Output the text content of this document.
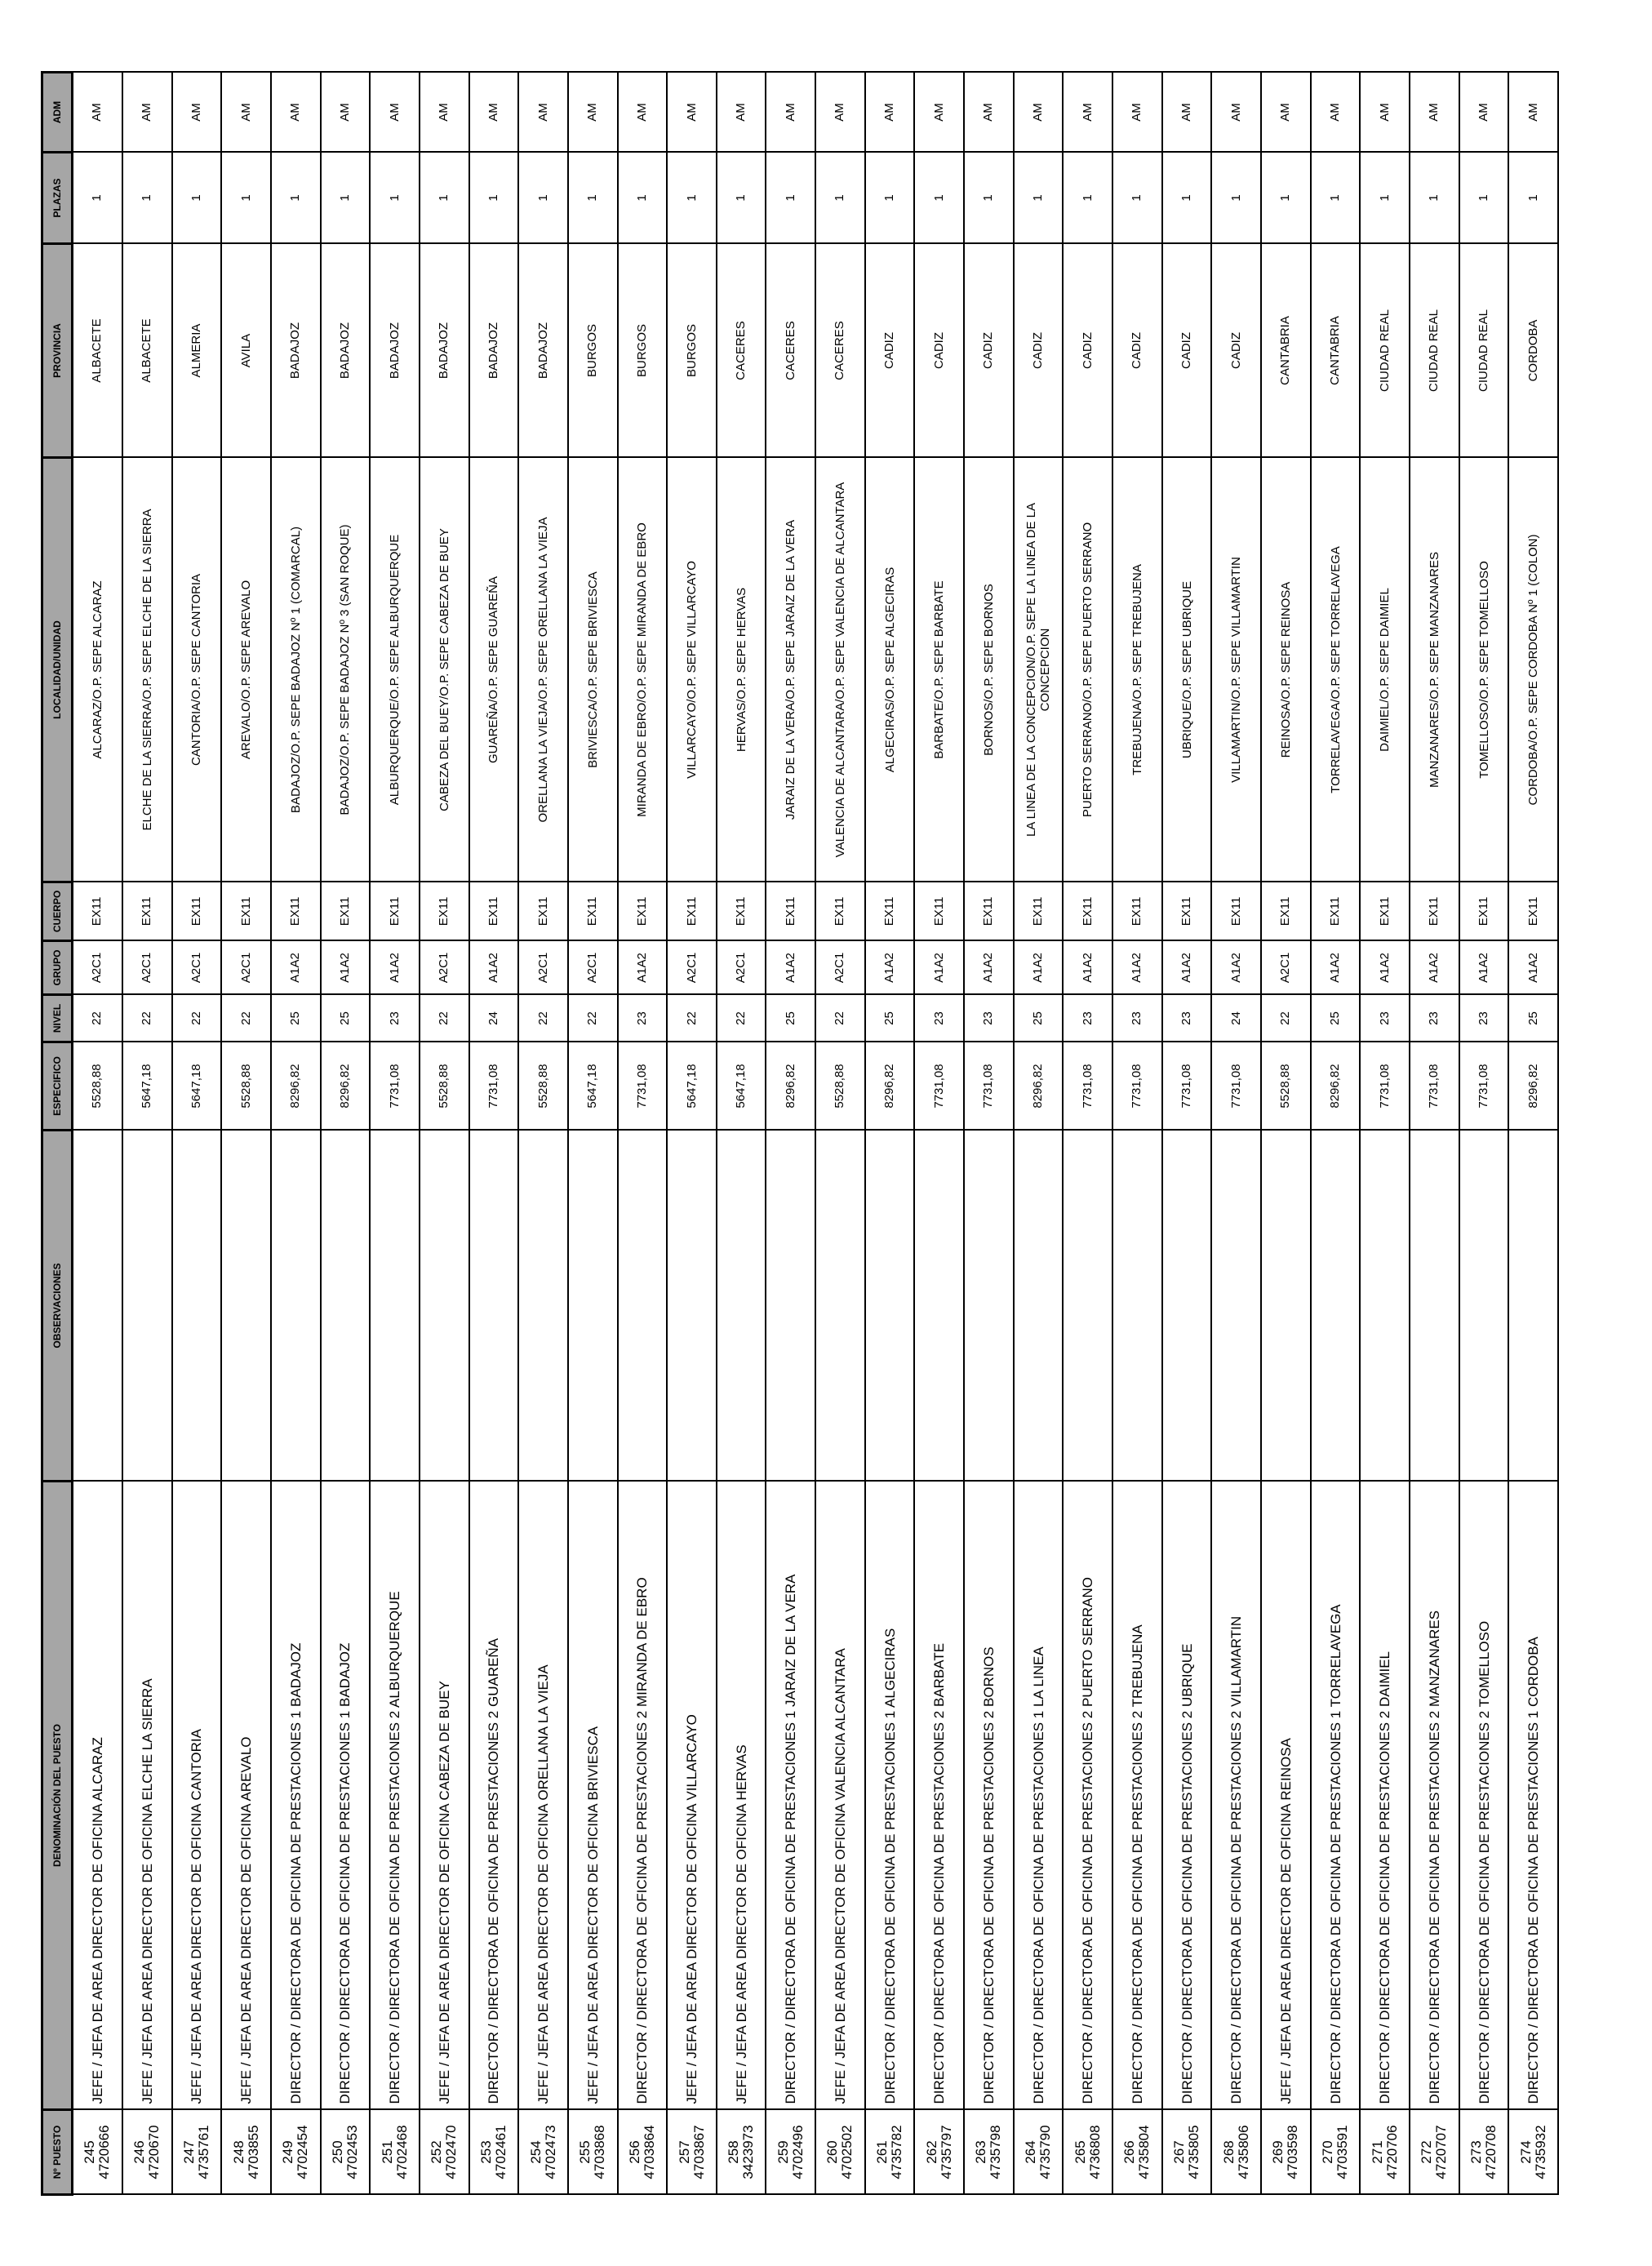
Nº PUESTO	DENOMINACIÓN DEL PUESTO	OBSERVACIONES	ESPECIFICO	NIVEL	GRUPO	CUERPO	LOCALIDAD/UNIDAD	PROVINCIA	PLAZAS	ADM

245 4720666	JEFE / JEFA DE AREA DIRECTOR DE OFICINA ALCARAZ		5528,88	22	A2C1	EX11	ALCARAZ/O.P. SEPE ALCARAZ	ALBACETE	1	AM

246 4720670	JEFE / JEFA DE AREA DIRECTOR DE OFICINA ELCHE LA SIERRA		5647,18	22	A2C1	EX11	ELCHE DE LA SIERRA/O.P. SEPE ELCHE DE LA SIERRA	ALBACETE	1	AM

247 4735761	JEFE / JEFA DE AREA DIRECTOR DE OFICINA CANTORIA		5647,18	22	A2C1	EX11	CANTORIA/O.P. SEPE CANTORIA	ALMERIA	1	AM

248 4703855	JEFE / JEFA DE AREA DIRECTOR DE OFICINA AREVALO		5528,88	22	A2C1	EX11	AREVALO/O.P. SEPE AREVALO	AVILA	1	AM

249 4702454	DIRECTOR / DIRECTORA DE OFICINA DE PRESTACIONES 1 BADAJOZ		8296,82	25	A1A2	EX11	BADAJOZ/O.P. SEPE BADAJOZ Nº 1 (COMARCAL)	BADAJOZ	1	AM

250 4702453	DIRECTOR / DIRECTORA DE OFICINA DE PRESTACIONES 1 BADAJOZ		8296,82	25	A1A2	EX11	BADAJOZ/O.P. SEPE BADAJOZ Nº 3 (SAN ROQUE)	BADAJOZ	1	AM

251 4702468	DIRECTOR / DIRECTORA DE OFICINA DE PRESTACIONES 2 ALBURQUERQUE		7731,08	23	A1A2	EX11	ALBURQUERQUE/O.P. SEPE ALBURQUERQUE	BADAJOZ	1	AM

252 4702470	JEFE / JEFA DE AREA DIRECTOR DE OFICINA CABEZA DE BUEY		5528,88	22	A2C1	EX11	CABEZA DEL BUEY/O.P. SEPE CABEZA DE BUEY	BADAJOZ	1	AM

253 4702461	DIRECTOR / DIRECTORA DE OFICINA DE PRESTACIONES 2 GUAREÑA		7731,08	24	A1A2	EX11	GUAREÑA/O.P. SEPE GUAREÑA	BADAJOZ	1	AM

254 4702473	JEFE / JEFA DE AREA DIRECTOR DE OFICINA ORELLANA LA VIEJA		5528,88	22	A2C1	EX11	ORELLANA LA VIEJA/O.P. SEPE ORELLANA LA VIEJA	BADAJOZ	1	AM

255 4703868	JEFE / JEFA DE AREA DIRECTOR DE OFICINA BRIVIESCA		5647,18	22	A2C1	EX11	BRIVIESCA/O.P. SEPE BRIVIESCA	BURGOS	1	AM

256 4703864	DIRECTOR / DIRECTORA DE OFICINA DE PRESTACIONES 2 MIRANDA DE EBRO		7731,08	23	A1A2	EX11	MIRANDA DE EBRO/O.P. SEPE MIRANDA DE EBRO	BURGOS	1	AM

257 4703867	JEFE / JEFA DE AREA DIRECTOR DE OFICINA VILLARCAYO		5647,18	22	A2C1	EX11	VILLARCAYO/O.P. SEPE VILLARCAYO	BURGOS	1	AM

258 3423973	JEFE / JEFA DE AREA DIRECTOR DE OFICINA HERVAS		5647,18	22	A2C1	EX11	HERVAS/O.P. SEPE HERVAS	CACERES	1	AM

259 4702496	DIRECTOR / DIRECTORA DE OFICINA DE PRESTACIONES 1 JARAIZ DE LA VERA		8296,82	25	A1A2	EX11	JARAIZ DE LA VERA/O.P. SEPE JARAIZ DE LA VERA	CACERES	1	AM

260 4702502	JEFE / JEFA DE AREA DIRECTOR DE OFICINA VALENCIA ALCANTARA		5528,88	22	A2C1	EX11	VALENCIA DE ALCANTARA/O.P. SEPE VALENCIA DE ALCANTARA	CACERES	1	AM

261 4735782	DIRECTOR / DIRECTORA DE OFICINA DE PRESTACIONES 1 ALGECIRAS		8296,82	25	A1A2	EX11	ALGECIRAS/O.P. SEPE ALGECIRAS	CADIZ	1	AM

262 4735797	DIRECTOR / DIRECTORA DE OFICINA DE PRESTACIONES 2 BARBATE		7731,08	23	A1A2	EX11	BARBATE/O.P. SEPE BARBATE	CADIZ	1	AM

263 4735798	DIRECTOR / DIRECTORA DE OFICINA DE PRESTACIONES 2 BORNOS		7731,08	23	A1A2	EX11	BORNOS/O.P. SEPE BORNOS	CADIZ	1	AM

264 4735790	DIRECTOR / DIRECTORA DE OFICINA DE PRESTACIONES 1 LA LINEA		8296,82	25	A1A2	EX11	LA LINEA DE LA CONCEPCION/O.P. SEPE LA LINEA DE LA CONCEPCION	CADIZ	1	AM

265 4736808	DIRECTOR / DIRECTORA DE OFICINA DE PRESTACIONES 2 PUERTO SERRANO		7731,08	23	A1A2	EX11	PUERTO SERRANO/O.P. SEPE PUERTO SERRANO	CADIZ	1	AM

266 4735804	DIRECTOR / DIRECTORA DE OFICINA DE PRESTACIONES 2 TREBUJENA		7731,08	23	A1A2	EX11	TREBUJENA/O.P. SEPE TREBUJENA	CADIZ	1	AM

267 4735805	DIRECTOR / DIRECTORA DE OFICINA DE PRESTACIONES 2 UBRIQUE		7731,08	23	A1A2	EX11	UBRIQUE/O.P. SEPE UBRIQUE	CADIZ	1	AM

268 4735806	DIRECTOR / DIRECTORA DE OFICINA DE PRESTACIONES 2 VILLAMARTIN		7731,08	24	A1A2	EX11	VILLAMARTIN/O.P. SEPE VILLAMARTIN	CADIZ	1	AM

269 4703598	JEFE / JEFA DE AREA DIRECTOR DE OFICINA REINOSA		5528,88	22	A2C1	EX11	REINOSA/O.P. SEPE REINOSA	CANTABRIA	1	AM

270 4703591	DIRECTOR / DIRECTORA DE OFICINA DE PRESTACIONES 1 TORRELAVEGA		8296,82	25	A1A2	EX11	TORRELAVEGA/O.P. SEPE TORRELAVEGA	CANTABRIA	1	AM

271 4720706	DIRECTOR / DIRECTORA DE OFICINA DE PRESTACIONES 2 DAIMIEL		7731,08	23	A1A2	EX11	DAIMIEL/O.P. SEPE DAIMIEL	CIUDAD REAL	1	AM

272 4720707	DIRECTOR / DIRECTORA DE OFICINA DE PRESTACIONES 2 MANZANARES		7731,08	23	A1A2	EX11	MANZANARES/O.P. SEPE MANZANARES	CIUDAD REAL	1	AM

273 4720708	DIRECTOR / DIRECTORA DE OFICINA DE PRESTACIONES 2 TOMELLOSO		7731,08	23	A1A2	EX11	TOMELLOSO/O.P. SEPE TOMELLOSO	CIUDAD REAL	1	AM

274 4735932	DIRECTOR / DIRECTORA DE OFICINA DE PRESTACIONES 1 CORDOBA		8296,82	25	A1A2	EX11	CORDOBA/O.P. SEPE CORDOBA Nº 1 (COLON)	CORDOBA	1	AM
